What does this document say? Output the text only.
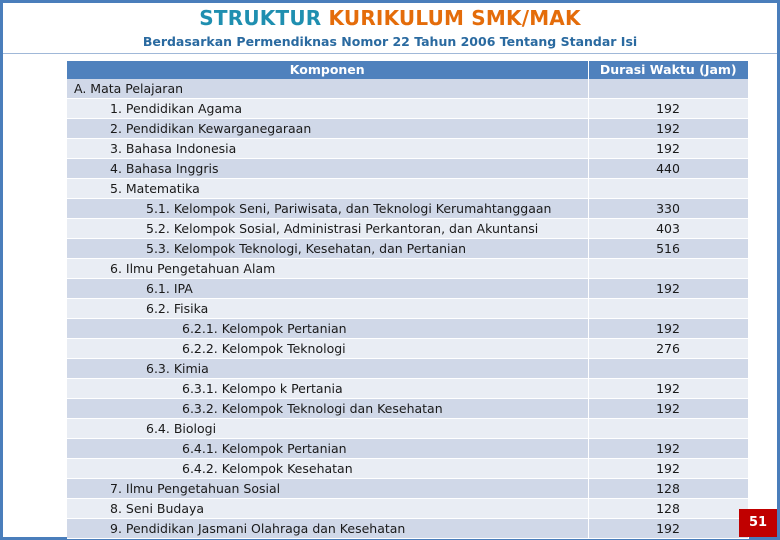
STRUKTUR KURIKULUM SMK/MAK
Berdasarkan Permendiknas Nomor 22 Tahun 2006 Tentang Standar Isi
Komponen	Durasi Waktu (Jam)
A. Mata Pelajaran	
1. Pendidikan Agama	192
2. Pendidikan Kewarganegaraan	192
3. Bahasa Indonesia	192
4. Bahasa Inggris	440
5. Matematika	
5.1. Kelompok Seni, Pariwisata, dan Teknologi Kerumahtanggaan	330
5.2. Kelompok Sosial, Administrasi Perkantoran, dan Akuntansi	403
5.3. Kelompok Teknologi, Kesehatan, dan Pertanian	516
6. Ilmu Pengetahuan Alam	
6.1. IPA	192
6.2. Fisika	
6.2.1. Kelompok Pertanian	192
6.2.2. Kelompok Teknologi	276
6.3. Kimia	
6.3.1. Kelompo k Pertania	192
6.3.2. Kelompok Teknologi dan Kesehatan	192
6.4. Biologi	
6.4.1. Kelompok Pertanian	192
6.4.2. Kelompok Kesehatan	192
7. Ilmu Pengetahuan Sosial	128
8. Seni Budaya	128
9. Pendidikan Jasmani Olahraga dan Kesehatan	192	51
